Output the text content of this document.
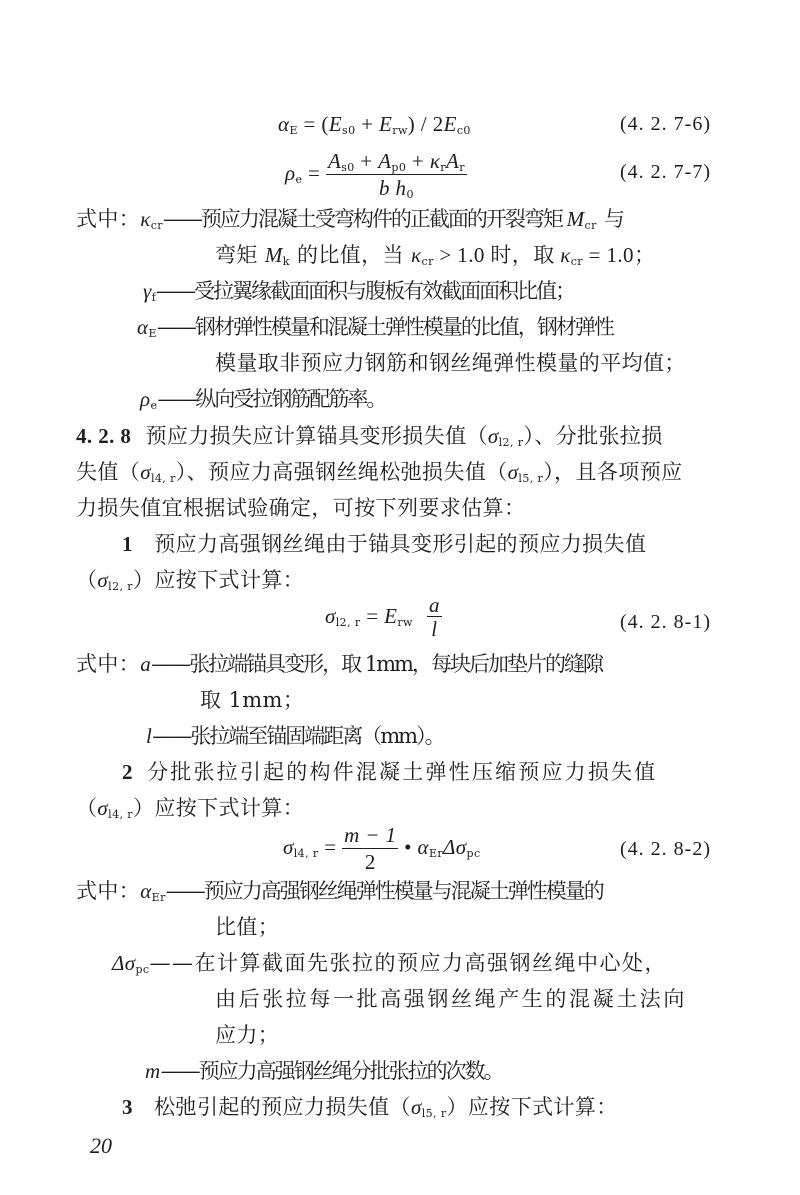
$\alpha_E = (E_{s0} + E_{rw}) / 2E_{c0}$	(4. 2. 7-6)
$\rho_e = \frac{A_{s0} + A_{p0} + \kappa_rA_r}{b h_0}$	(4. 2. 7-7)
式中：$\kappa_{cr}——$预应力混凝土受弯构件的正截面的开裂弯矩 $M_{cr}$ 与
弯矩 $M_k$ 的比值，当 $\kappa_{cr} > 1.0$ 时，取 $\kappa_{cr} = 1.0$；
$\gamma_f——$受拉翼缘截面面积与腹板有效截面面积比值；
$\alpha_E——$钢材弹性模量和混凝土弹性模量的比值，钢材弹性
模量取非预应力钢筋和钢丝绳弹性模量的平均值；
$\rho_e——$纵向受拉钢筋配筋率。
4. 2. 8 预应力损失应计算锚具变形损失值$(\sigma_{l2, r})$、分批张拉损
失值$(\sigma_{l4, r})$、预应力高强钢丝绳松弛损失值$(\sigma_{l5, r})$，且各项预应
力损失值宜根据试验确定，可按下列要求估算：
1 预应力高强钢丝绳由于锚具变形引起的预应力损失值
$(\sigma_{l2, r})$应按下式计算：
$\sigma_{l2, r} = E_{rw} \frac{a}{l}$	(4. 2. 8-1)
式中：a——张拉端锚具变形，取 1mm，每块后加垫片的缝隙
取 1mm；
l——张拉端至锚固端距离（mm）。
2 分批张拉引起的构件混凝土弹性压缩预应力损失值
$(\sigma_{l4, r})$应按下式计算：
$\sigma_{l4, r} = \frac{m - 1}{2}$ • $\alpha_{Er}\Delta\sigma_{pc}$	(4. 2. 8-2)
式中：$\alpha_{Er}——$预应力高强钢丝绳弹性模量与混凝土弹性模量的
比值；
$\Delta\sigma_{pc}——$在计算截面先张拉的预应力高强钢丝绳中心处，
由后张拉每一批高强钢丝绳产生的混凝土法向
应力；
m——预应力高强钢丝绳分批张拉的次数。
3 松弛引起的预应力损失值$(\sigma_{l5, r})$应按下式计算：
20
